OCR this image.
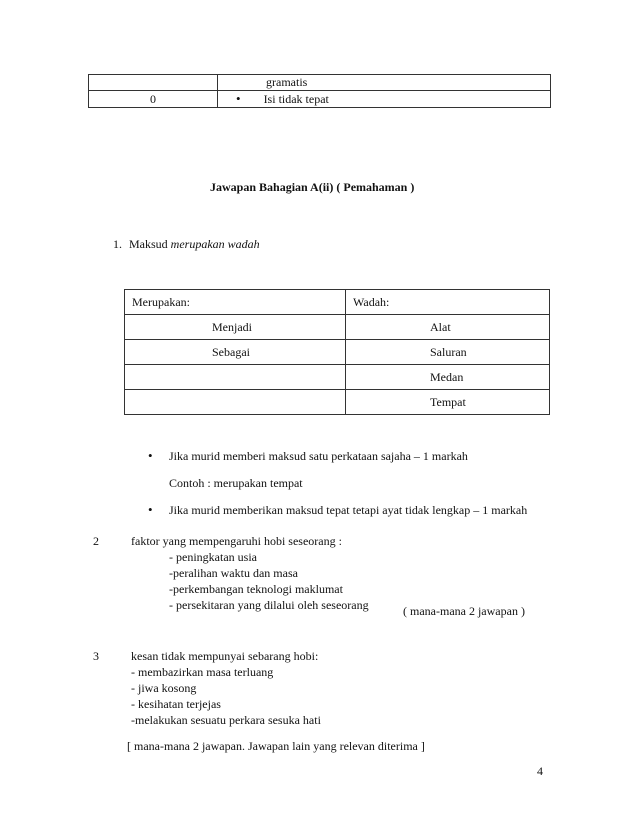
	gramatis
0	• Isi tidak tepat
Jawapan Bahagian A(ii) ( Pemahaman )
1. Maksud merupakan wadah
Merupakan:	Wadah:
Menjadi	Alat
Sebagai	Saluran
	Medan
	Tempat
• Jika murid memberi maksud satu perkataan sajaha – 1 markah
Contoh : merupakan tempat
• Jika murid memberikan maksud tepat tetapi ayat tidak lengkap – 1 markah
2	faktor yang mempengaruhi hobi seseorang :
- peningkatan usia
-peralihan waktu dan masa
-perkembangan teknologi maklumat
- persekitaran yang dilalui oleh seseorang	( mana-mana 2 jawapan )
3	kesan tidak mempunyai sebarang hobi:
- membazirkan masa terluang
- jiwa kosong
- kesihatan terjejas
-melakukan sesuatu perkara sesuka hati
[ mana-mana 2 jawapan. Jawapan lain yang relevan diterima ]
4
